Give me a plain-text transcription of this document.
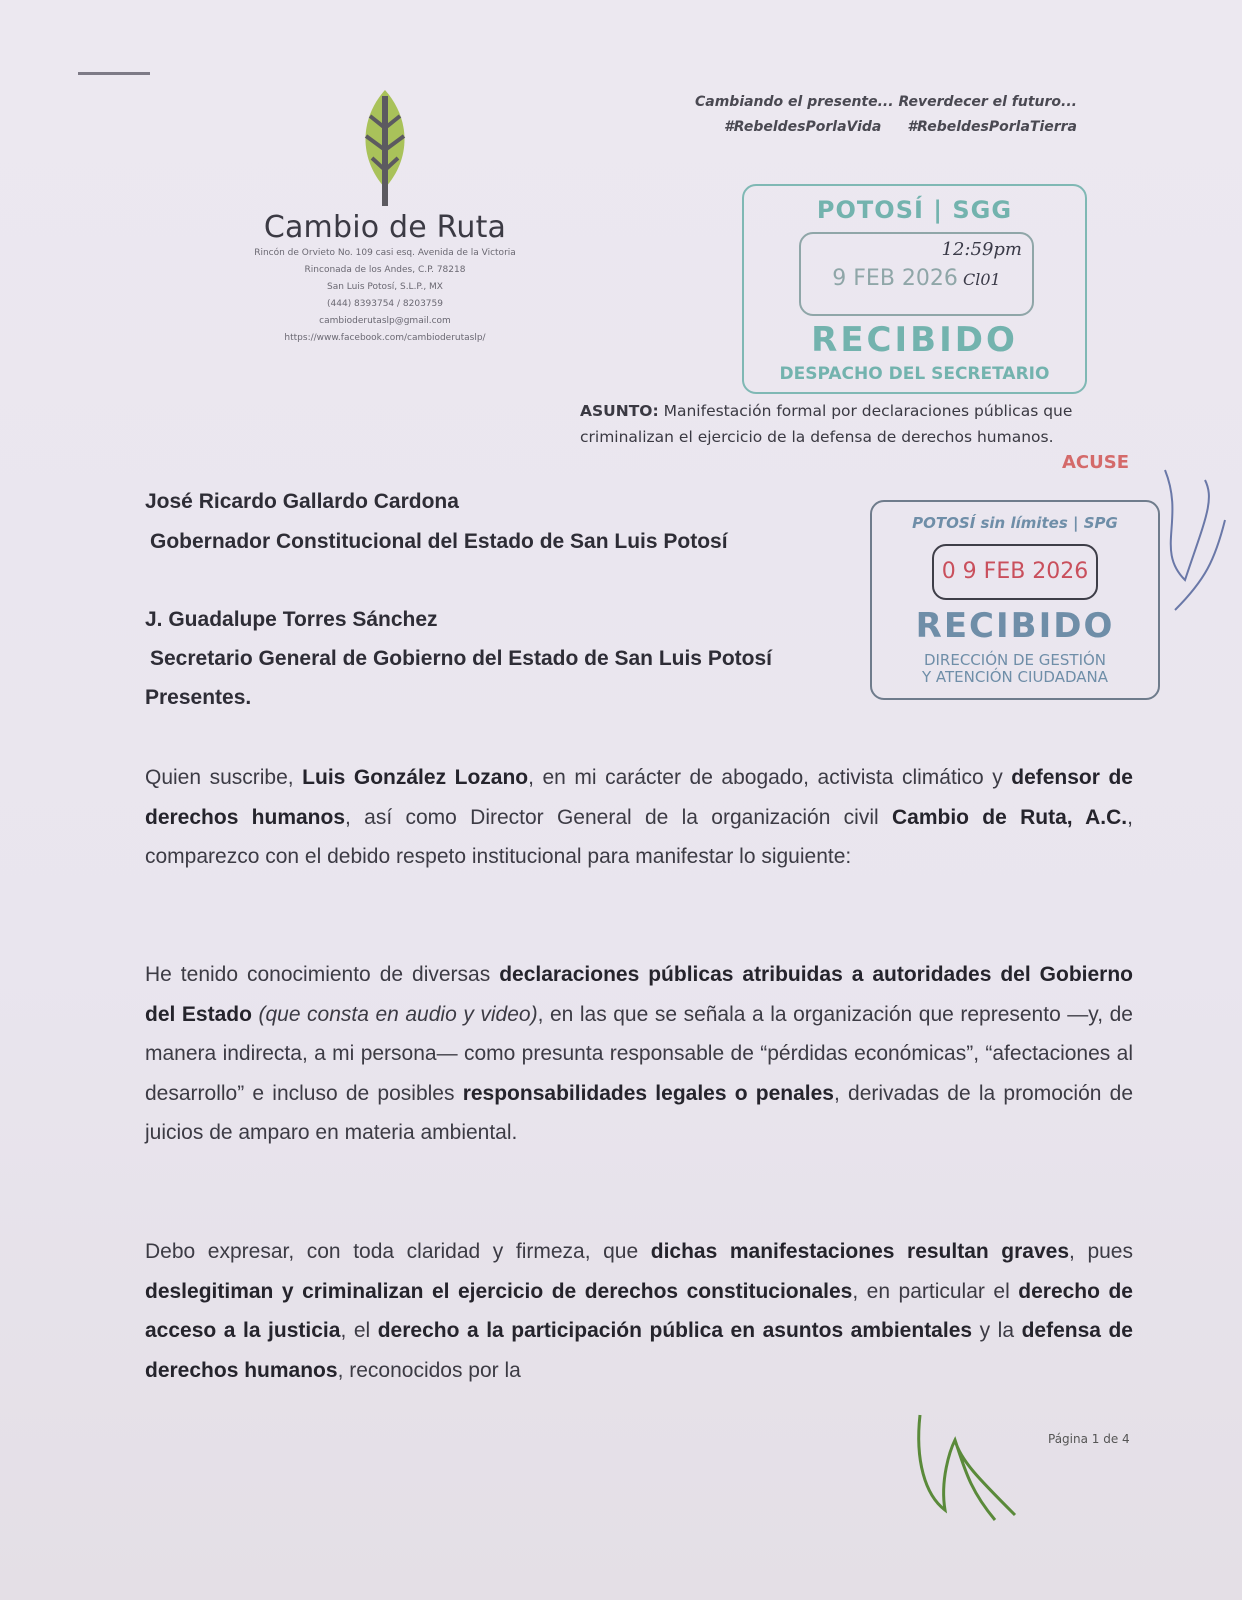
Cambiando el presente... Reverdecer el futuro...
#RebeldesPorlaVida #RebeldesPorlaTierra
Cambio de Ruta
Rincón de Orvieto No. 109 casi esq. Avenida de la Victoria
Rinconada de los Andes, C.P. 78218
San Luis Potosí, S.L.P., MX
(444) 8393754 / 8203759
cambioderutaslp@gmail.com
https://www.facebook.com/cambioderutaslp/
POTOSÍ | SGG
12:59pm
9 FEB 2026 Cl01
RECIBIDO
DESPACHO DEL SECRETARIO
ASUNTO: Manifestación formal por declaraciones públicas que criminalizan el ejercicio de la defensa de derechos humanos.
ACUSE
POTOSÍ sin límites | SPG
0 9 FEB 2026
RECIBIDO
DIRECCIÓN DE GESTIÓN
Y ATENCIÓN CIUDADANA
José Ricardo Gallardo Cardona
Gobernador Constitucional del Estado de San Luis Potosí
J. Guadalupe Torres Sánchez
Secretario General de Gobierno del Estado de San Luis Potosí
Presentes.
Quien suscribe, Luis González Lozano, en mi carácter de abogado, activista climático y defensor de derechos humanos, así como Director General de la organización civil Cambio de Ruta, A.C., comparezco con el debido respeto institucional para manifestar lo siguiente:
He tenido conocimiento de diversas declaraciones públicas atribuidas a autoridades del Gobierno del Estado (que consta en audio y video), en las que se señala a la organización que represento —y, de manera indirecta, a mi persona— como presunta responsable de “pérdidas económicas”, “afectaciones al desarrollo” e incluso de posibles responsabilidades legales o penales, derivadas de la promoción de juicios de amparo en materia ambiental.
Debo expresar, con toda claridad y firmeza, que dichas manifestaciones resultan graves, pues deslegitiman y criminalizan el ejercicio de derechos constitucionales, en particular el derecho de acceso a la justicia, el derecho a la participación pública en asuntos ambientales y la defensa de derechos humanos, reconocidos por la
Página 1 de 4
